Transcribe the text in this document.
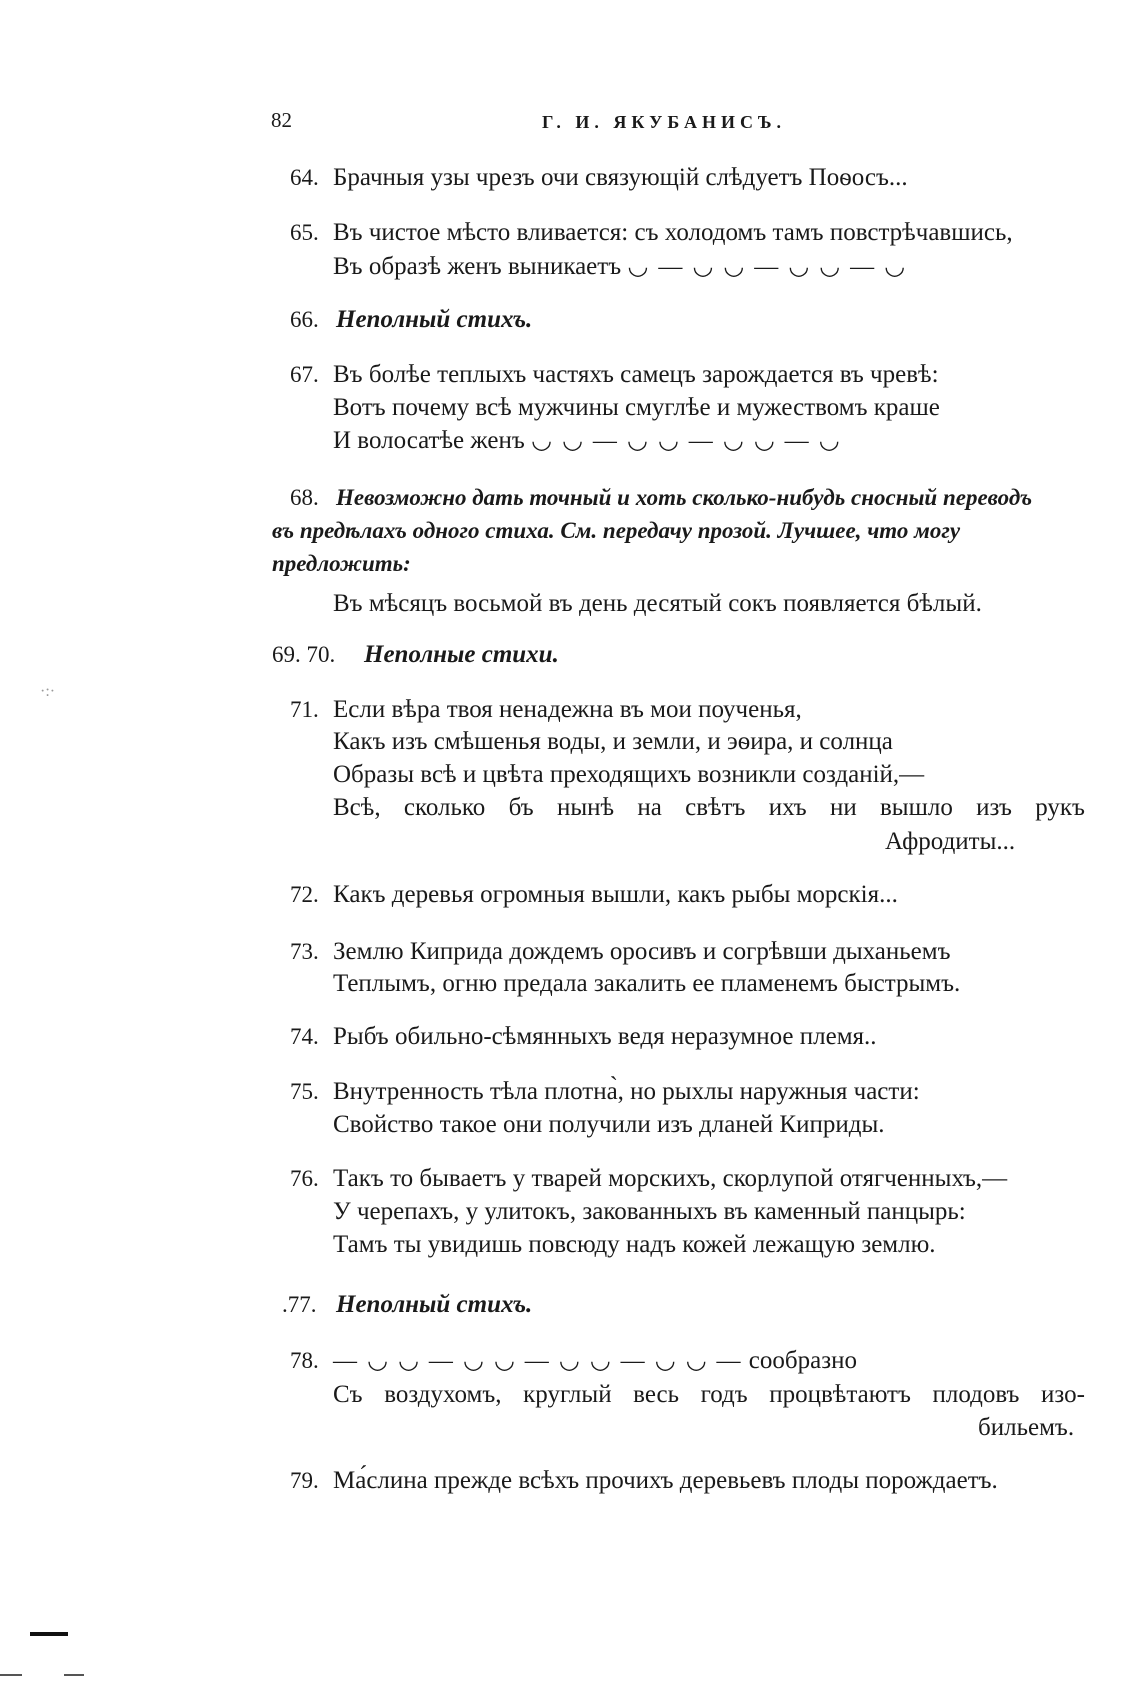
82	Г. И. ЯКУБАНИСЪ.
64. Брачныя узы чрезъ очи связующій слѣдуетъ Поѳосъ...
65. Въ чистое мѣсто вливается: съ холодомъ тамъ повстрѣчавшись,
Въ образѣ женъ выникаетъ ◡ — ◡ ◡ — ◡ ◡ — ◡
66. Неполный стихъ.
67. Въ болѣе теплыхъ частяхъ самецъ зарождается въ чревѣ:
Вотъ почему всѣ мужчины смуглѣе и мужествомъ краше
И волосатѣе женъ ◡ ◡ — ◡ ◡ — ◡ ◡ — ◡
68. Невозможно дать точный и хоть сколько-нибудь сносный переводъ
въ предѣлахъ одного стиха. См. передачу прозой. Лучшее, что могу
предложить:
Въ мѣсяцъ восьмой въ день десятый сокъ появляется бѣлый.
69. 70. Неполные стихи.
71. Если вѣра твоя ненадежна въ мои поученья,
Какъ изъ смѣшенья воды, и земли, и эѳира, и солнца
Образы всѣ и цвѣта преходящихъ возникли созданій,—
Всѣ, сколько бъ нынѣ на свѣтъ ихъ ни вышло изъ рукъ
Афродиты...
72. Какъ деревья огромныя вышли, какъ рыбы морскія...
73. Землю Киприда дождемъ оросивъ и согрѣвши дыханьемъ
Теплымъ, огню предала закалить ее пламенемъ быстрымъ.
74. Рыбъ обильно-сѣмянныхъ ведя неразумное племя..
75. Внутренность тѣла плотна̀, но рыхлы наружныя части:
Свойство такое они получили изъ дланей Киприды.
76. Такъ то бываетъ у тварей морскихъ, скорлупой отягченныхъ,—
У черепахъ, у улитокъ, закованныхъ въ каменный панцырь:
Тамъ ты увидишь повсюду надъ кожей лежащую землю.
.77. Неполный стихъ.
78. — ◡ ◡ — ◡ ◡ — ◡ ◡ — ◡ ◡ — сообразно
Съ воздухомъ, круглый весь годъ процвѣтаютъ плодовъ изо-
бильемъ.
79. Ма́слина прежде всѣхъ прочихъ деревьевъ плоды порождаетъ.
·:·
